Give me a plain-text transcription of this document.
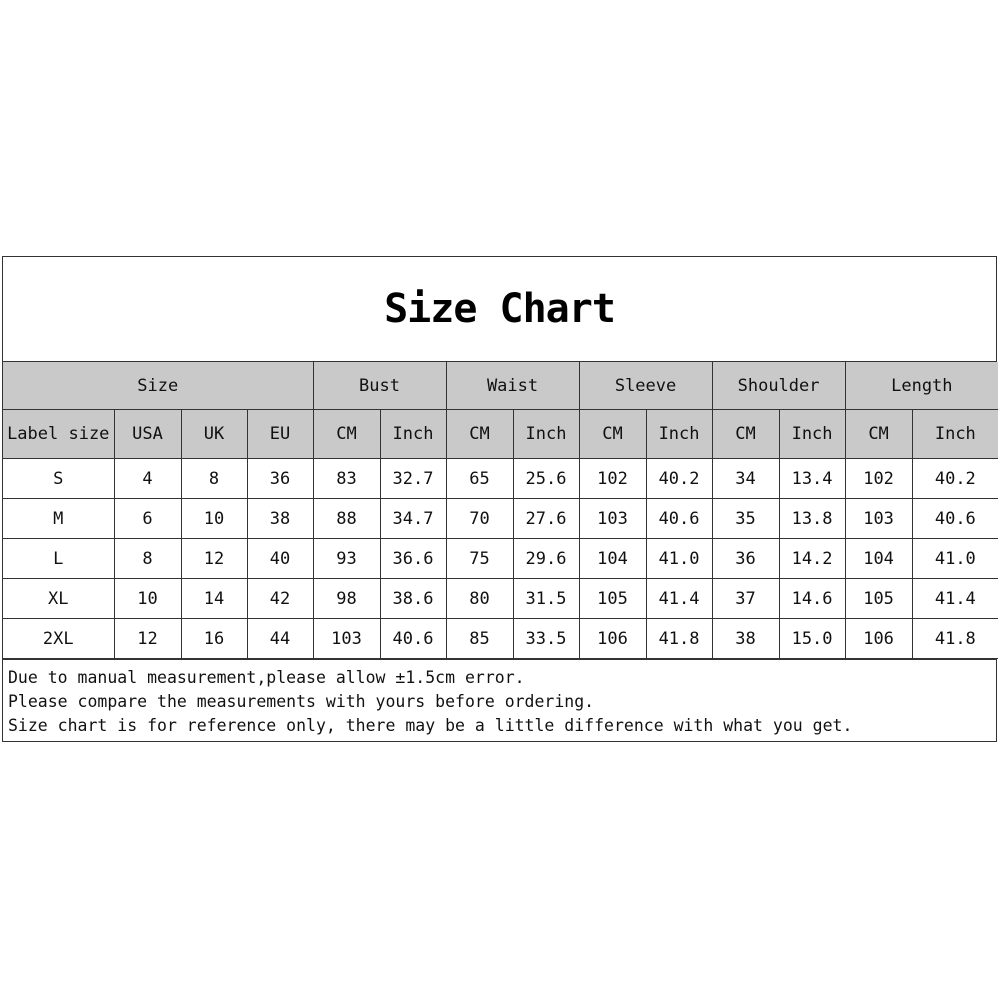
Size Chart
Size				Bust		Waist		Sleeve		Shoulder		Length	
Label size	USA	UK	EU	CM	Inch	CM	Inch	CM	Inch	CM	Inch	CM	Inch
S	4	8	36	83	32.7	65	25.6	102	40.2	34	13.4	102	40.2
M	6	10	38	88	34.7	70	27.6	103	40.6	35	13.8	103	40.6
L	8	12	40	93	36.6	75	29.6	104	41.0	36	14.2	104	41.0
XL	10	14	42	98	38.6	80	31.5	105	41.4	37	14.6	105	41.4
2XL	12	16	44	103	40.6	85	33.5	106	41.8	38	15.0	106	41.8
Due to manual measurement,please allow ±1.5cm error.
Please compare the measurements with yours before ordering.
Size chart is for reference only, there may be a little difference with what you get.
